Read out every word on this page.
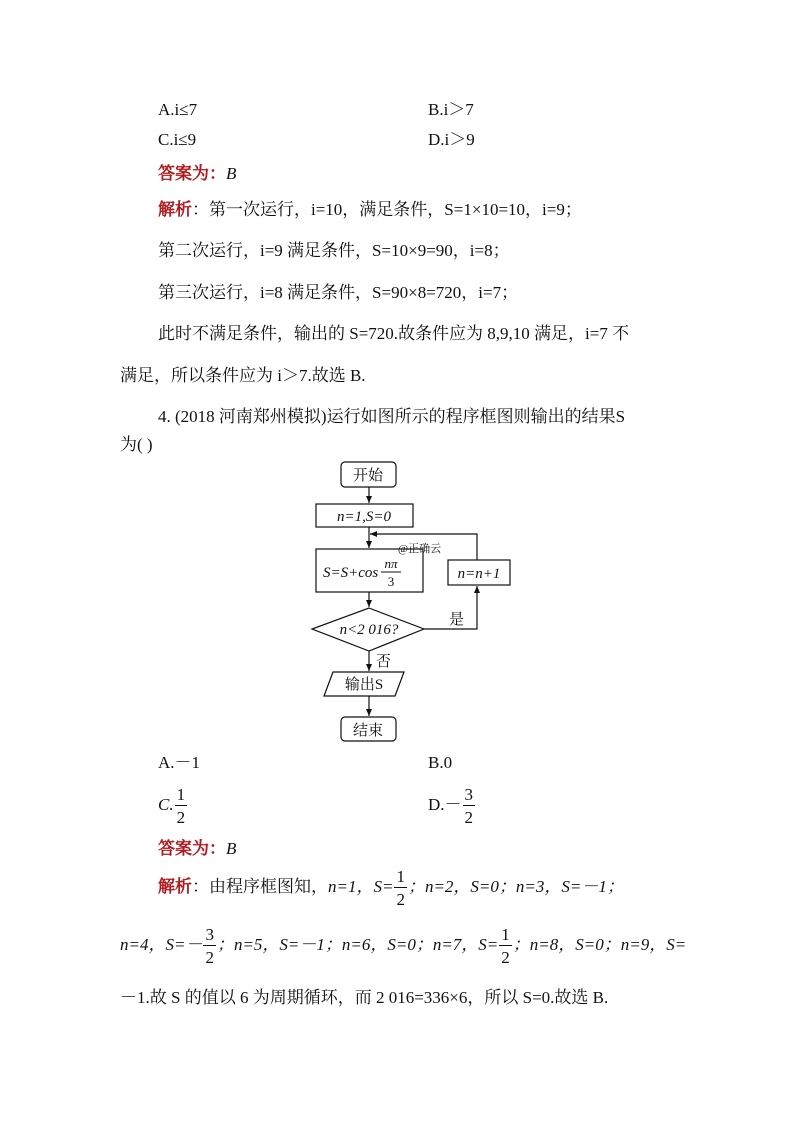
A.i≤7	B.i＞7
C.i≤9	D.i＞9
答案为：B
解析：第一次运行，i=10，满足条件，S=1×10=10，i=9；
第二次运行，i=9 满足条件，S=10×9=90，i=8；
第三次运行，i=8 满足条件，S=90×8=720，i=7；
此时不满足条件，输出的 S=720.故条件应为 8,9,10 满足，i=7 不
满足，所以条件应为 i＞7.故选 B.
4. (2018 河南郑州模拟)运行如图所示的程序框图则输出的结果S
为( )
开始
n=1,S=0
S=S+cos
nπ
3
@正确云
n=n+1
n<2 016?
是
否
输出S
结束
A.－1	B.0
C. $\frac{1}{2}$	$D.- \frac{3}{2}$
答案为：B
解析：由程序框图知，n=1，$S= \frac{1}{2}$ ；n=2，S=0；n=3，S=－1；
n=4，$S=- \frac{3}{2}$ ；n=5，S=－1；n=6，S=0；n=7，$S= \frac{1}{2}$ ；n=8，S=0；n=9，S=
－1.故 S 的值以 6 为周期循环，而 2 016=336×6，所以 S=0.故选 B.
